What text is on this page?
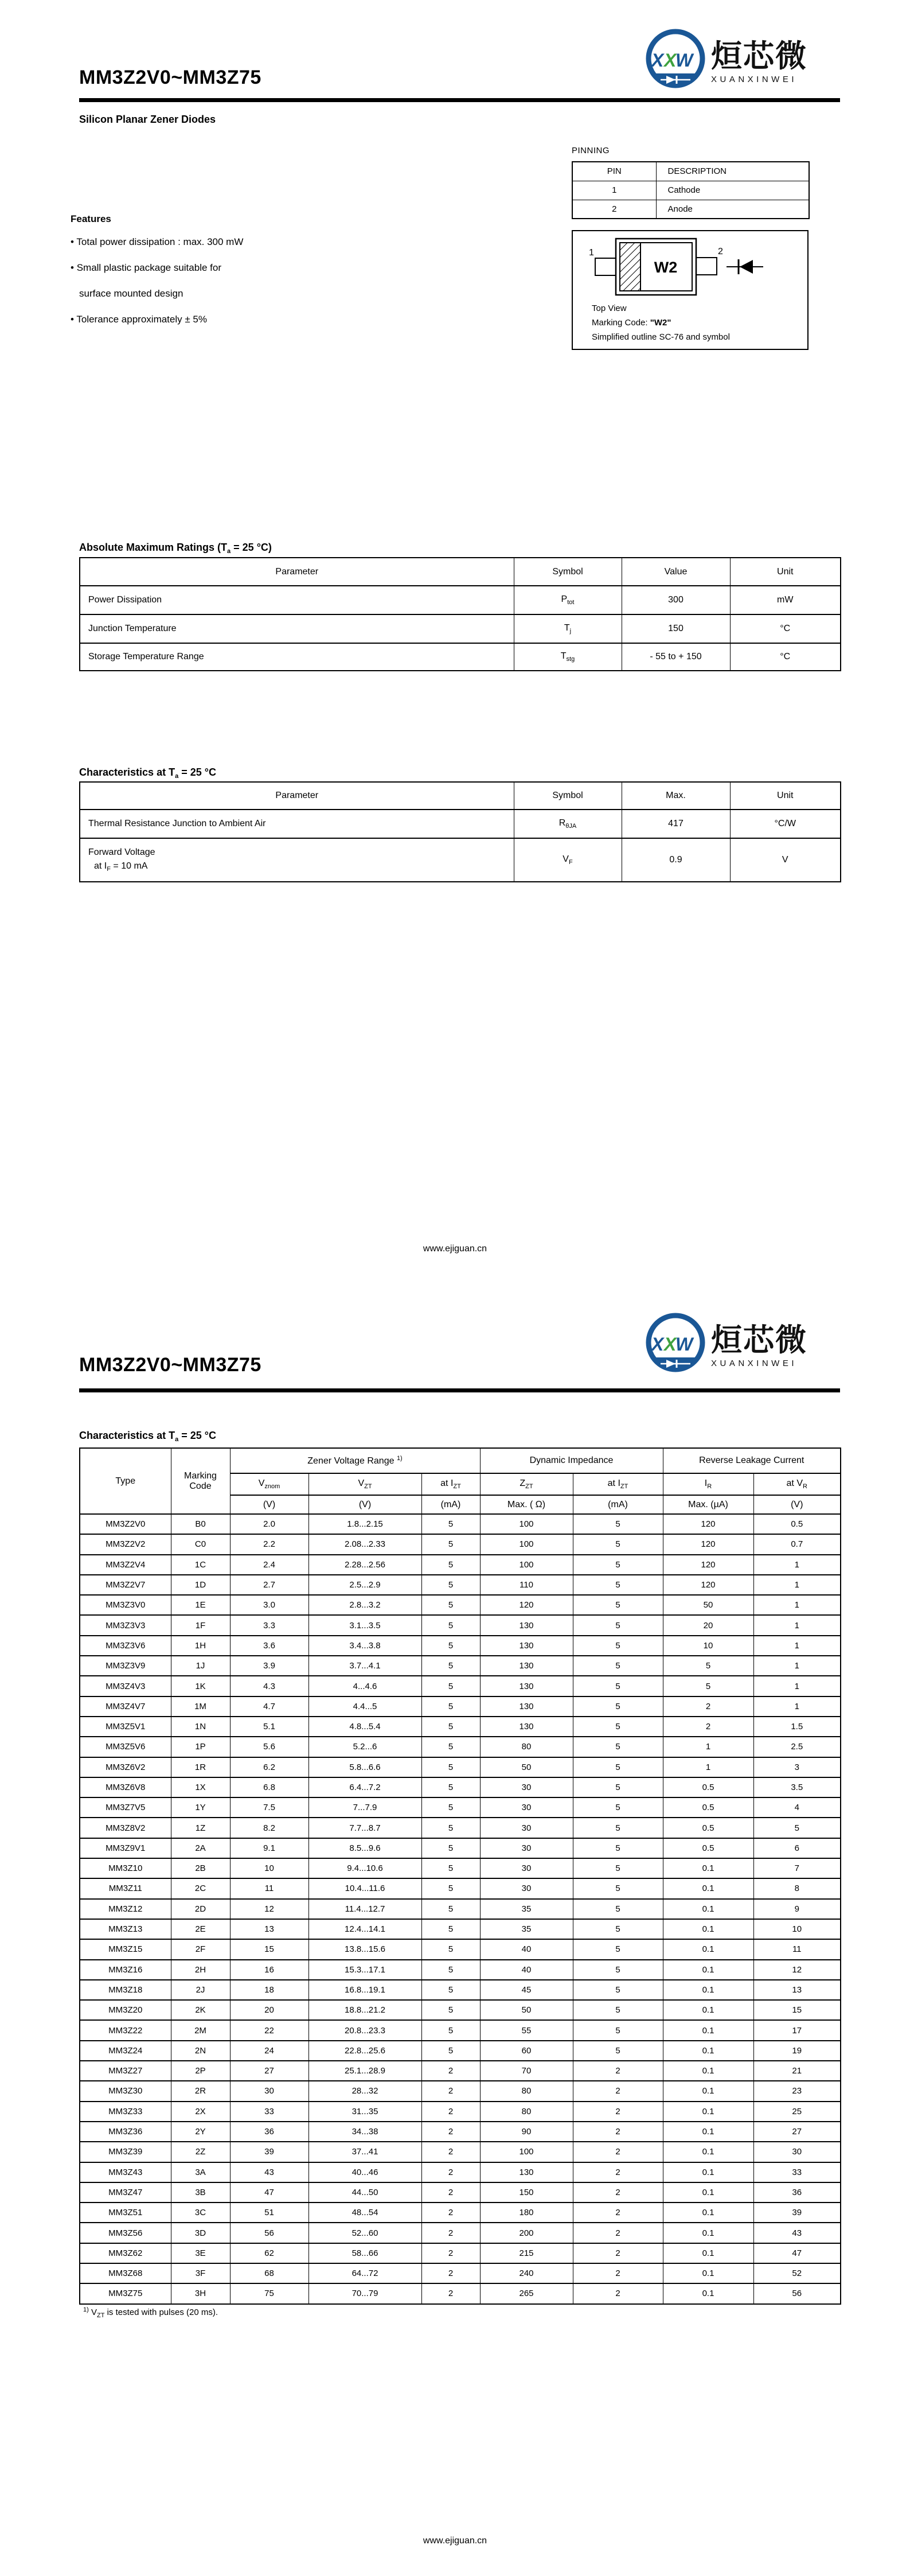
MM3Z2V0~MM3Z75
X X
W 烜芯微
XUANXINWEI
Silicon Planar Zener Diodes
Features
• Total power dissipation : max. 300 mW
• Small plastic package suitable for
surface mounted design
• Tolerance approximately ± 5%
PINNING
PIN	DESCRIPTION
1	Cathode
2	Anode
W2
1	2
Top View
Marking Code: "W2"
Simplified outline SC-76 and symbol
Absolute Maximum Ratings ($T_a = 25$ °C)
Parameter	Symbol	Value	Unit
Power Dissipation	$P_{tot}$	300	mW
Junction Temperature	$T_j$	150	°C
Storage Temperature Range	$T_{stg}$	- 55 to + 150	°C
Characteristics at $T_a = 25$ °C
Parameter	Symbol	Max.	Unit
Thermal Resistance Junction to Ambient Air	$R_{\theta JA}$	417	°C/W

Forward Voltage
at $I_F = 10$ mA	$V_F$	0.9	V
www.ejiguan.cn
X X
W 烜芯微
XUANXINWEI
MM3Z2V0~MM3Z75
Characteristics at $T_a = 25$ °C
Type	Marking
Code	Zener Voltage Range $^{1)}$			Dynamic Impedance		Reverse Leakage Current	
		$V_{znom}$	$V_{ZT}$	at $I_{ZT}$	$Z_{ZT}$	at $I_{ZT}$	$I_R$	at $V_R$
		(V)	(V)	(mA)	Max. ( Ω)	(mA)	Max. (µA)	(V)
MM3Z2V0	B0	2.0	1.8...2.15	5	100	5	120	0.5
MM3Z2V2	C0	2.2	2.08...2.33	5	100	5	120	0.7
MM3Z2V4	1C	2.4	2.28...2.56	5	100	5	120	1
MM3Z2V7	1D	2.7	2.5...2.9	5	110	5	120	1
MM3Z3V0	1E	3.0	2.8...3.2	5	120	5	50	1
MM3Z3V3	1F	3.3	3.1...3.5	5	130	5	20	1
MM3Z3V6	1H	3.6	3.4...3.8	5	130	5	10	1
MM3Z3V9	1J	3.9	3.7...4.1	5	130	5	5	1
MM3Z4V3	1K	4.3	4...4.6	5	130	5	5	1
MM3Z4V7	1M	4.7	4.4...5	5	130	5	2	1
MM3Z5V1	1N	5.1	4.8...5.4	5	130	5	2	1.5
MM3Z5V6	1P	5.6	5.2...6	5	80	5	1	2.5
MM3Z6V2	1R	6.2	5.8...6.6	5	50	5	1	3
MM3Z6V8	1X	6.8	6.4...7.2	5	30	5	0.5	3.5
MM3Z7V5	1Y	7.5	7...7.9	5	30	5	0.5	4
MM3Z8V2	1Z	8.2	7.7...8.7	5	30	5	0.5	5
MM3Z9V1	2A	9.1	8.5...9.6	5	30	5	0.5	6
MM3Z10	2B	10	9.4...10.6	5	30	5	0.1	7
MM3Z11	2C	11	10.4...11.6	5	30	5	0.1	8
MM3Z12	2D	12	11.4...12.7	5	35	5	0.1	9
MM3Z13	2E	13	12.4...14.1	5	35	5	0.1	10
MM3Z15	2F	15	13.8...15.6	5	40	5	0.1	11
MM3Z16	2H	16	15.3...17.1	5	40	5	0.1	12
MM3Z18	2J	18	16.8...19.1	5	45	5	0.1	13
MM3Z20	2K	20	18.8...21.2	5	50	5	0.1	15
MM3Z22	2M	22	20.8...23.3	5	55	5	0.1	17
MM3Z24	2N	24	22.8...25.6	5	60	5	0.1	19
MM3Z27	2P	27	25.1...28.9	2	70	2	0.1	21
MM3Z30	2R	30	28...32	2	80	2	0.1	23
MM3Z33	2X	33	31...35	2	80	2	0.1	25
MM3Z36	2Y	36	34...38	2	90	2	0.1	27
MM3Z39	2Z	39	37...41	2	100	2	0.1	30
MM3Z43	3A	43	40...46	2	130	2	0.1	33
MM3Z47	3B	47	44...50	2	150	2	0.1	36
MM3Z51	3C	51	48...54	2	180	2	0.1	39
MM3Z56	3D	56	52...60	2	200	2	0.1	43
MM3Z62	3E	62	58...66	2	215	2	0.1	47
MM3Z68	3F	68	64...72	2	240	2	0.1	52
MM3Z75	3H	75	70...79	2	265	2	0.1	56
$^{1)}$ $V_{ZT}$ is tested with pulses (20 ms).
www.ejiguan.cn
